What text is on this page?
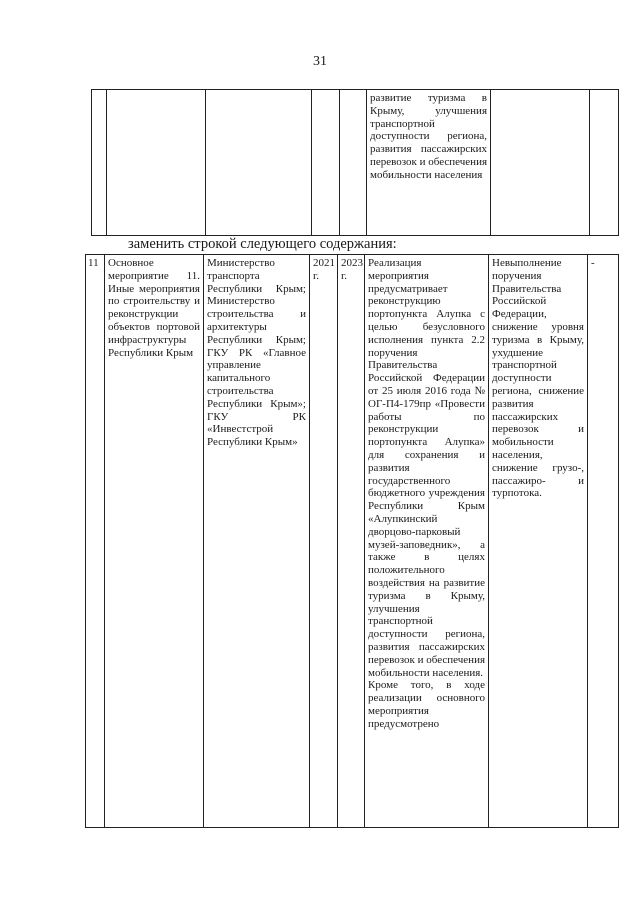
31
					развитие туризма в Крыму, улучшения транспортной доступности региона, развития пассажирских перевозок и обеспечения мобильности населения		
заменить строкой следующего содержания:
11	Основное мероприятие 11. Иные мероприятия по строительству и реконструкции объектов портовой инфраструктуры Республики Крым	Министерство транспорта Республики Крым; Министерство строительства и архитектуры Республики Крым; ГКУ РК «Главное управление капитального строительства Республики Крым»; ГКУ РК «Инвестстрой Республики Крым»	2021 г.	2023 г.	Реализация мероприятия предусматривает реконструкцию портопункта Алупка с целью безусловного исполнения пункта 2.2 поручения Правительства Российской Федерации от 25 июля 2016 года № ОГ-П4-179пр «Провести работы по реконструкции портопункта Алупка» для сохранения и развития государственного бюджетного учреждения Республики Крым «Алупкинский дворцово-парковый музей-заповедник», а также в целях положительного воздействия на развитие туризма в Крыму, улучшения транспортной доступности региона, развития пассажирских перевозок и обеспечения мобильности населения.
Кроме того, в ходе реализации основного мероприятия предусмотрено	Невыполнение поручения Правительства Российской Федерации, снижение уровня туризма в Крыму, ухудшение транспортной доступности региона, снижение развития пассажирских перевозок и мобильности населения, снижение грузо-, пассажиро- и турпотока.	-
